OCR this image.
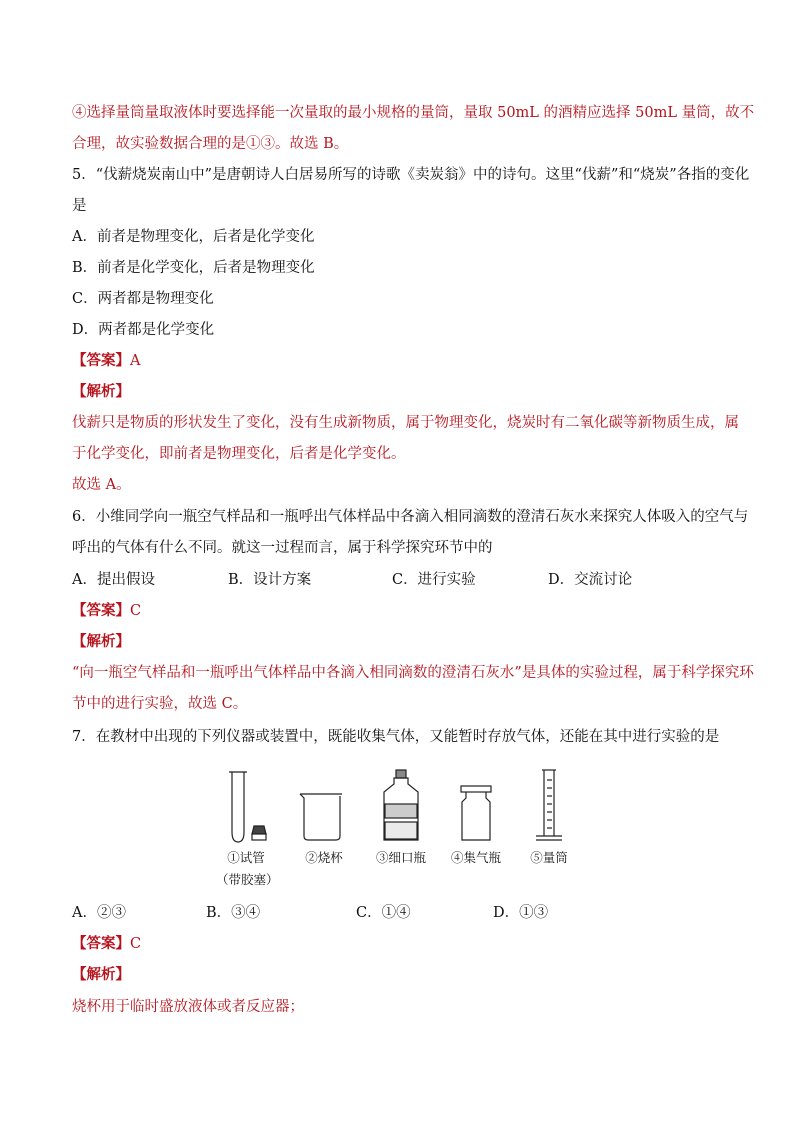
④选择量筒量取液体时要选择能一次量取的最小规格的量筒，量取 50mL 的酒精应选择 50mL 量筒，故不
合理，故实验数据合理的是①③。故选 B。
5．“伐薪烧炭南山中”是唐朝诗人白居易所写的诗歌《卖炭翁》中的诗句。这里“伐薪”和“烧炭”各指的变化
是
A．前者是物理变化，后者是化学变化
B．前者是化学变化，后者是物理变化
C．两者都是物理变化
D．两者都是化学变化
【答案】A
【解析】
伐薪只是物质的形状发生了变化，没有生成新物质，属于物理变化，烧炭时有二氧化碳等新物质生成，属
于化学变化，即前者是物理变化，后者是化学变化。
故选 A。
6．小维同学向一瓶空气样品和一瓶呼出气体样品中各滴入相同滴数的澄清石灰水来探究人体吸入的空气与
呼出的气体有什么不同。就这一过程而言，属于科学探究环节中的
A．提出假设	B．设计方案	C．进行实验	D．交流讨论
【答案】C
【解析】
“向一瓶空气样品和一瓶呼出气体样品中各滴入相同滴数的澄清石灰水”是具体的实验过程，属于科学探究环
节中的进行实验，故选 C。
7．在教材中出现的下列仪器或装置中，既能收集气体，又能暂时存放气体，还能在其中进行实验的是
①试管
（带胶塞）
②烧杯	③细口瓶	④集气瓶	⑤量筒
A．②③	B．③④	C．①④	D．①③
【答案】C
【解析】
烧杯用于临时盛放液体或者反应器；
